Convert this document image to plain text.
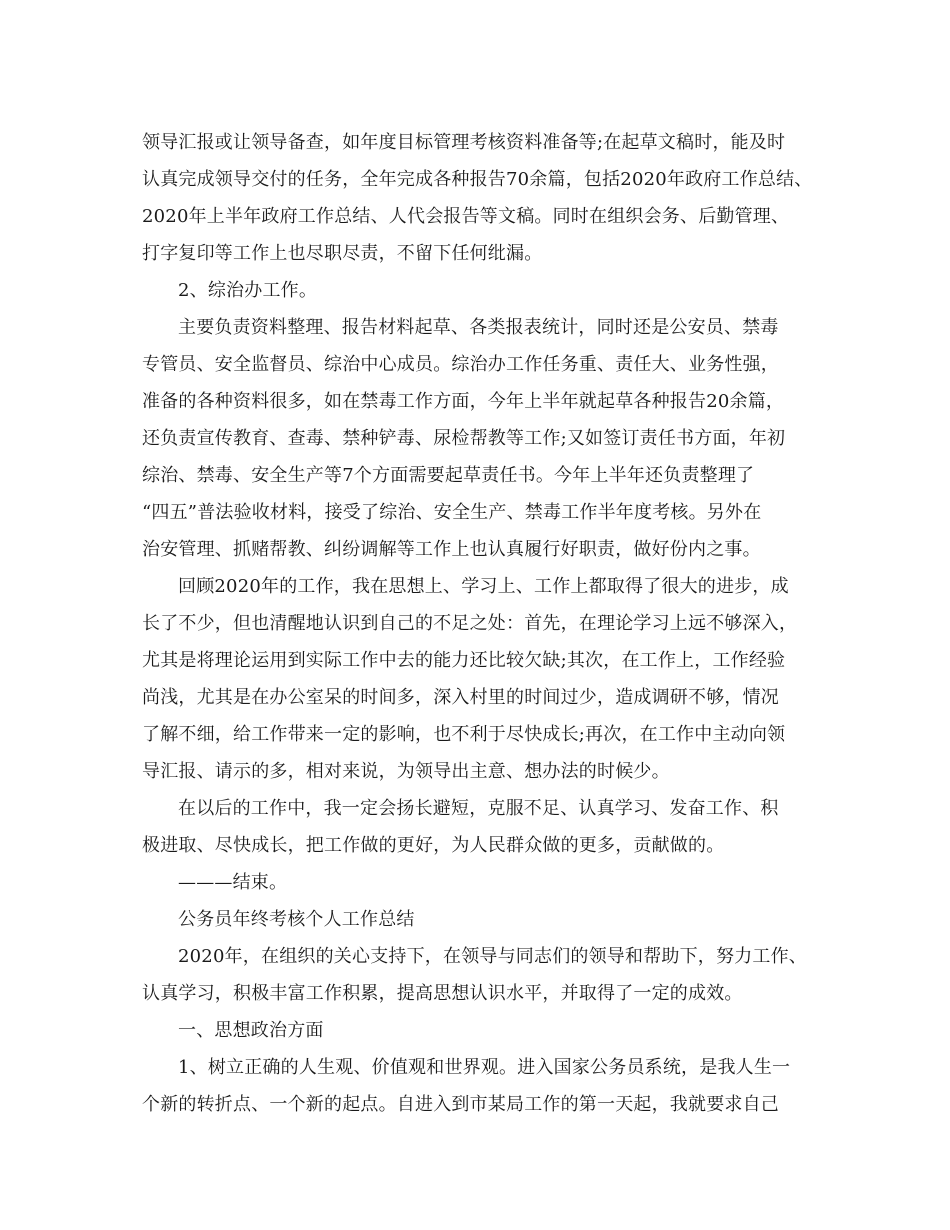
领导汇报或让领导备查，如年度目标管理考核资料准备等;在起草文稿时，能及时
认真完成领导交付的任务，全年完成各种报告70余篇，包括2020年政府工作总结、
2020年上半年政府工作总结、人代会报告等文稿。同时在组织会务、后勤管理、
打字复印等工作上也尽职尽责，不留下任何纰漏。
2、综治办工作。
主要负责资料整理、报告材料起草、各类报表统计，同时还是公安员、禁毒
专管员、安全监督员、综治中心成员。综治办工作任务重、责任大、业务性强，
准备的各种资料很多，如在禁毒工作方面，今年上半年就起草各种报告20余篇，
还负责宣传教育、查毒、禁种铲毒、尿检帮教等工作;又如签订责任书方面，年初
综治、禁毒、安全生产等7个方面需要起草责任书。今年上半年还负责整理了
“四五”普法验收材料，接受了综治、安全生产、禁毒工作半年度考核。另外在
治安管理、抓赌帮教、纠纷调解等工作上也认真履行好职责，做好份内之事。
回顾2020年的工作，我在思想上、学习上、工作上都取得了很大的进步，成
长了不少，但也清醒地认识到自己的不足之处：首先，在理论学习上远不够深入，
尤其是将理论运用到实际工作中去的能力还比较欠缺;其次，在工作上，工作经验
尚浅，尤其是在办公室呆的时间多，深入村里的时间过少，造成调研不够，情况
了解不细，给工作带来一定的影响，也不利于尽快成长;再次，在工作中主动向领
导汇报、请示的多，相对来说，为领导出主意、想办法的时候少。
在以后的工作中，我一定会扬长避短，克服不足、认真学习、发奋工作、积
极进取、尽快成长，把工作做的更好，为人民群众做的更多，贡献做的。
———结束。
公务员年终考核个人工作总结
2020年，在组织的关心支持下，在领导与同志们的领导和帮助下，努力工作、
认真学习，积极丰富工作积累，提高思想认识水平，并取得了一定的成效。
一、思想政治方面
1、树立正确的人生观、价值观和世界观。进入国家公务员系统，是我人生一
个新的转折点、一个新的起点。自进入到市某局工作的第一天起，我就要求自己
